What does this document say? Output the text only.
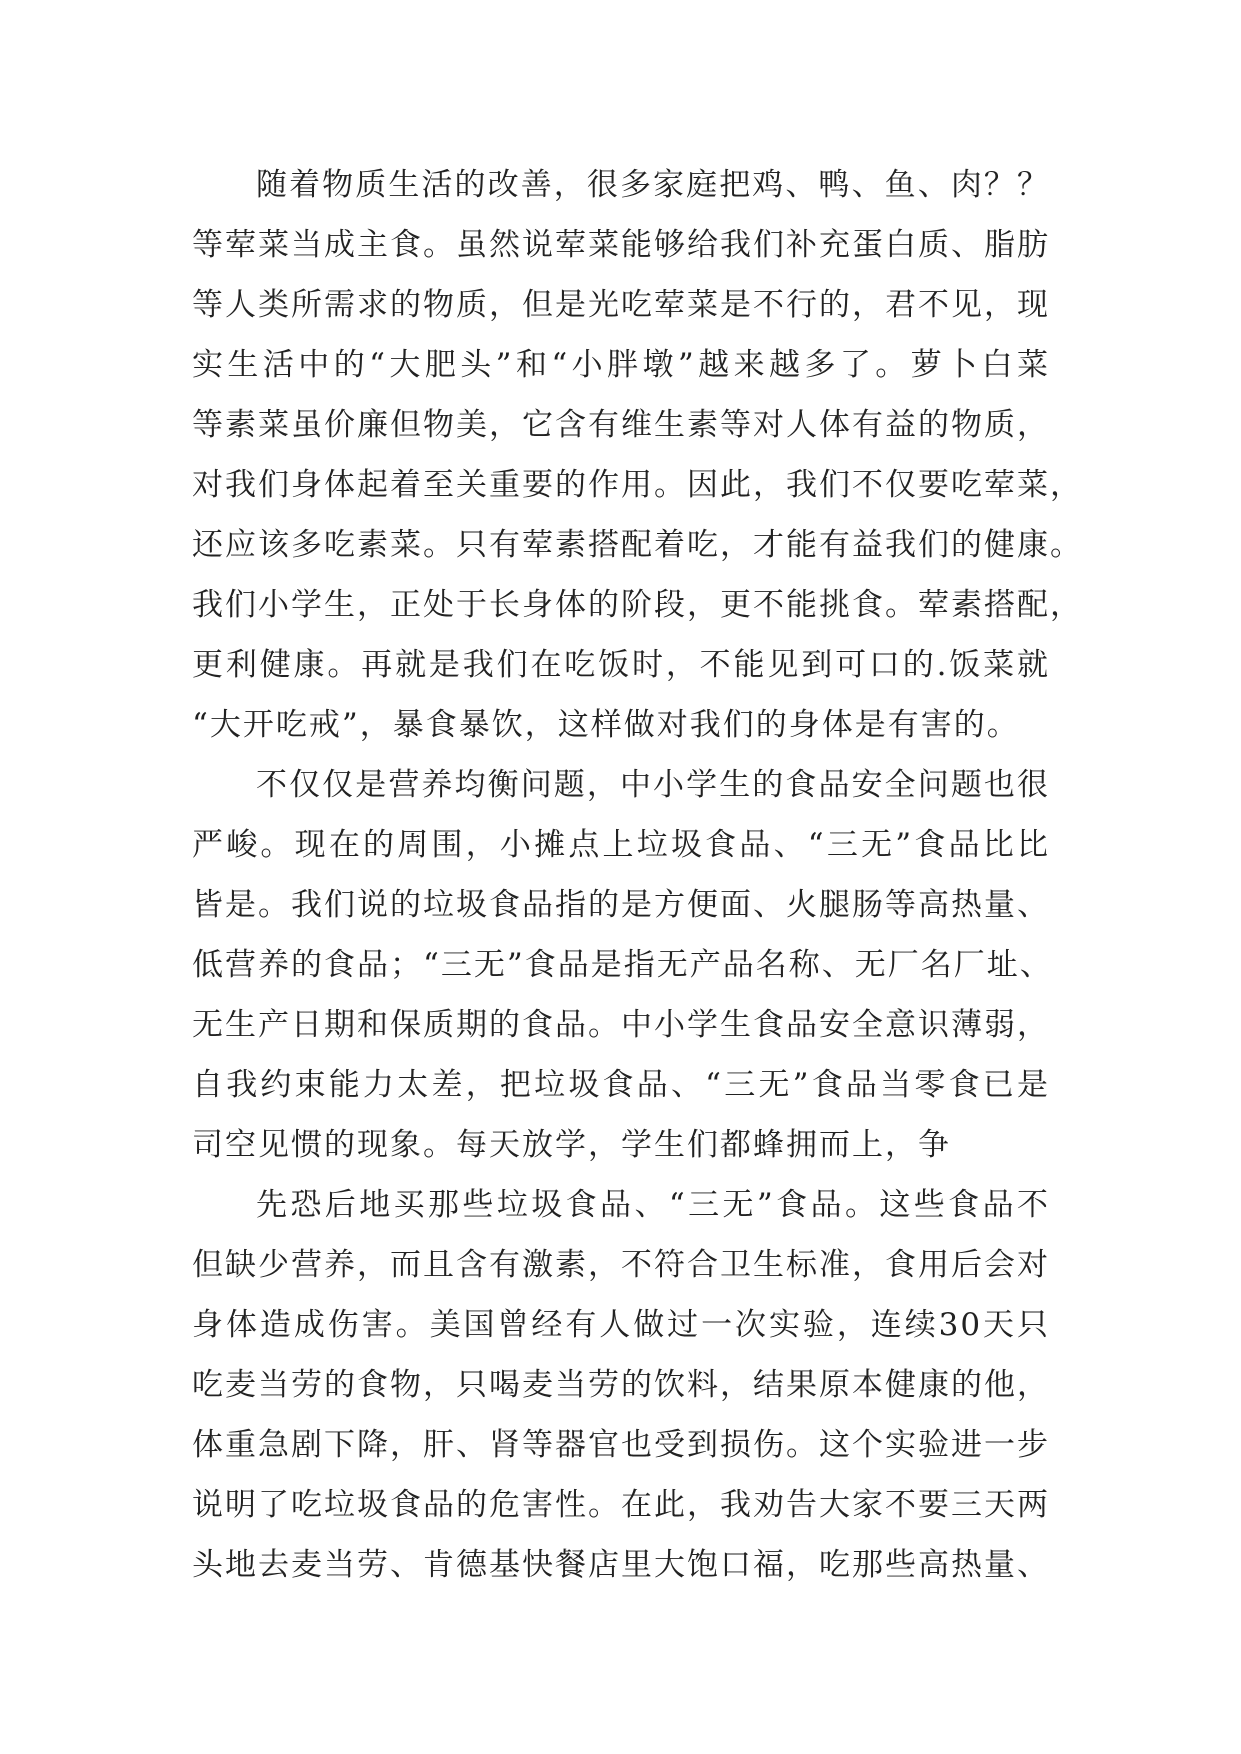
随着物质生活的改善，很多家庭把鸡、鸭、鱼、肉？？
等荤菜当成主食。虽然说荤菜能够给我们补充蛋白质、脂肪
等人类所需求的物质，但是光吃荤菜是不行的，君不见，现
实生活中的“大肥头”和“小胖墩”越来越多了。萝卜白菜
等素菜虽价廉但物美，它含有维生素等对人体有益的物质，
对我们身体起着至关重要的作用。因此，我们不仅要吃荤菜，
还应该多吃素菜。只有荤素搭配着吃，才能有益我们的健康。
我们小学生，正处于长身体的阶段，更不能挑食。荤素搭配，
更利健康。再就是我们在吃饭时，不能见到可口的.饭菜就
“大开吃戒”，暴食暴饮，这样做对我们的身体是有害的。
不仅仅是营养均衡问题，中小学生的食品安全问题也很
严峻。现在的周围，小摊点上垃圾食品、“三无”食品比比
皆是。我们说的垃圾食品指的是方便面、火腿肠等高热量、
低营养的食品；“三无”食品是指无产品名称、无厂名厂址、
无生产日期和保质期的食品。中小学生食品安全意识薄弱，
自我约束能力太差，把垃圾食品、“三无”食品当零食已是
司空见惯的现象。每天放学，学生们都蜂拥而上，争
先恐后地买那些垃圾食品、“三无”食品。这些食品不
但缺少营养，而且含有激素，不符合卫生标准，食用后会对
身体造成伤害。美国曾经有人做过一次实验，连续30天只
吃麦当劳的食物，只喝麦当劳的饮料，结果原本健康的他，
体重急剧下降，肝、肾等器官也受到损伤。这个实验进一步
说明了吃垃圾食品的危害性。在此，我劝告大家不要三天两
头地去麦当劳、肯德基快餐店里大饱口福，吃那些高热量、
